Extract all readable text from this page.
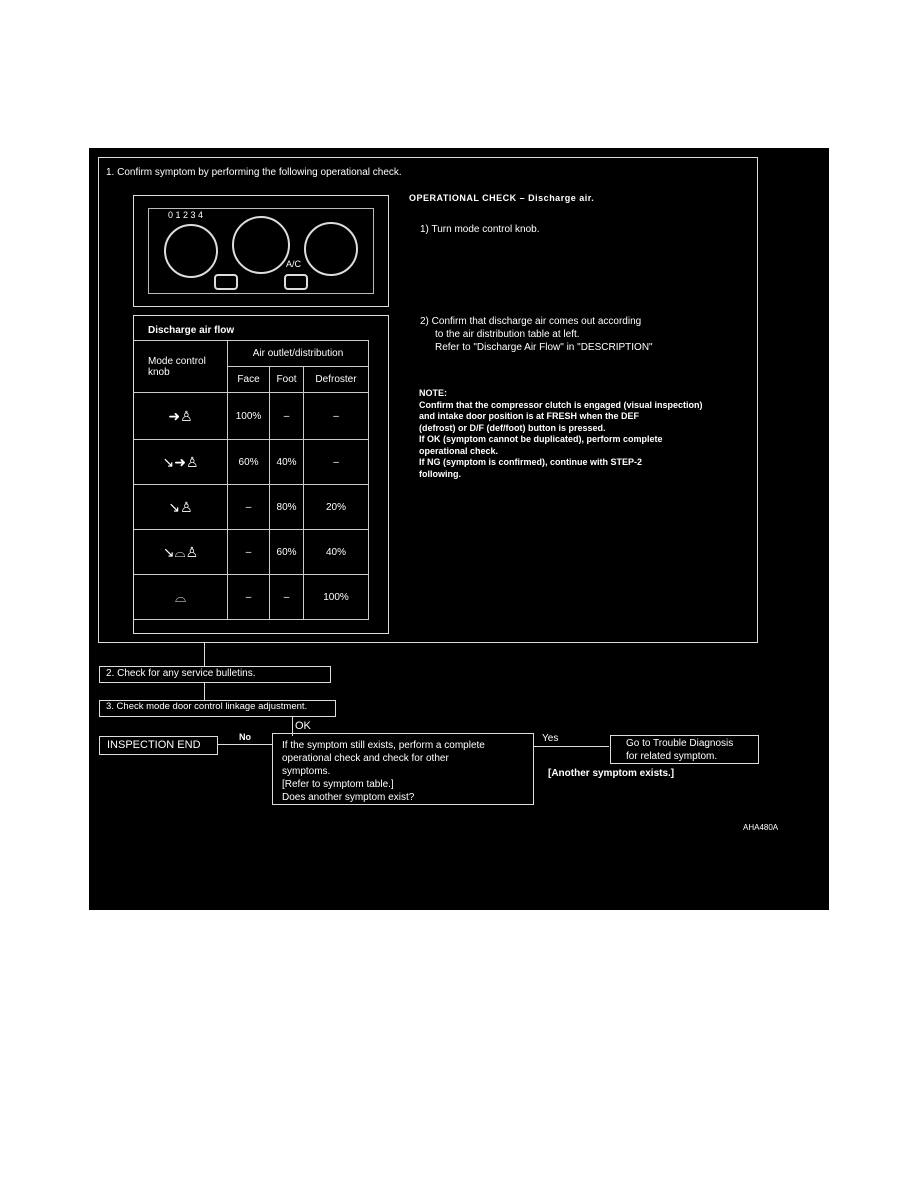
1. Confirm symptom by performing the following operational check.
0 1 2 3 4
A/C
Discharge air flow
Mode control knob	Air outlet/distribution		
	Face	Foot	Defroster
➜♙	100%	–	–
↘➜♙	60%	40%	–
↘♙	–	80%	20%
↘⌓♙	–	60%	40%
⌓	–	–	100%
OPERATIONAL CHECK – Discharge air.
1) Turn mode control knob.
2) Confirm that discharge air comes out according
to the air distribution table at left.
Refer to "Discharge Air Flow" in "DESCRIPTION"
NOTE:
Confirm that the compressor clutch is engaged (visual inspection)
and intake door position is at FRESH when the DEF
(defrost) or D/F (def/foot) button is pressed.
If OK (symptom cannot be duplicated), perform complete
operational check.
If NG (symptom is confirmed), continue with STEP-2
following.
2. Check for any service bulletins.
3. Check mode door control linkage adjustment.
OK
INSPECTION END
No
If the symptom still exists, perform a complete
operational check and check for other
symptoms.
[Refer to symptom table.]
Does another symptom exist?
Yes	Go to Trouble Diagnosis
for related symptom.
[Another symptom exists.]
AHA480A
